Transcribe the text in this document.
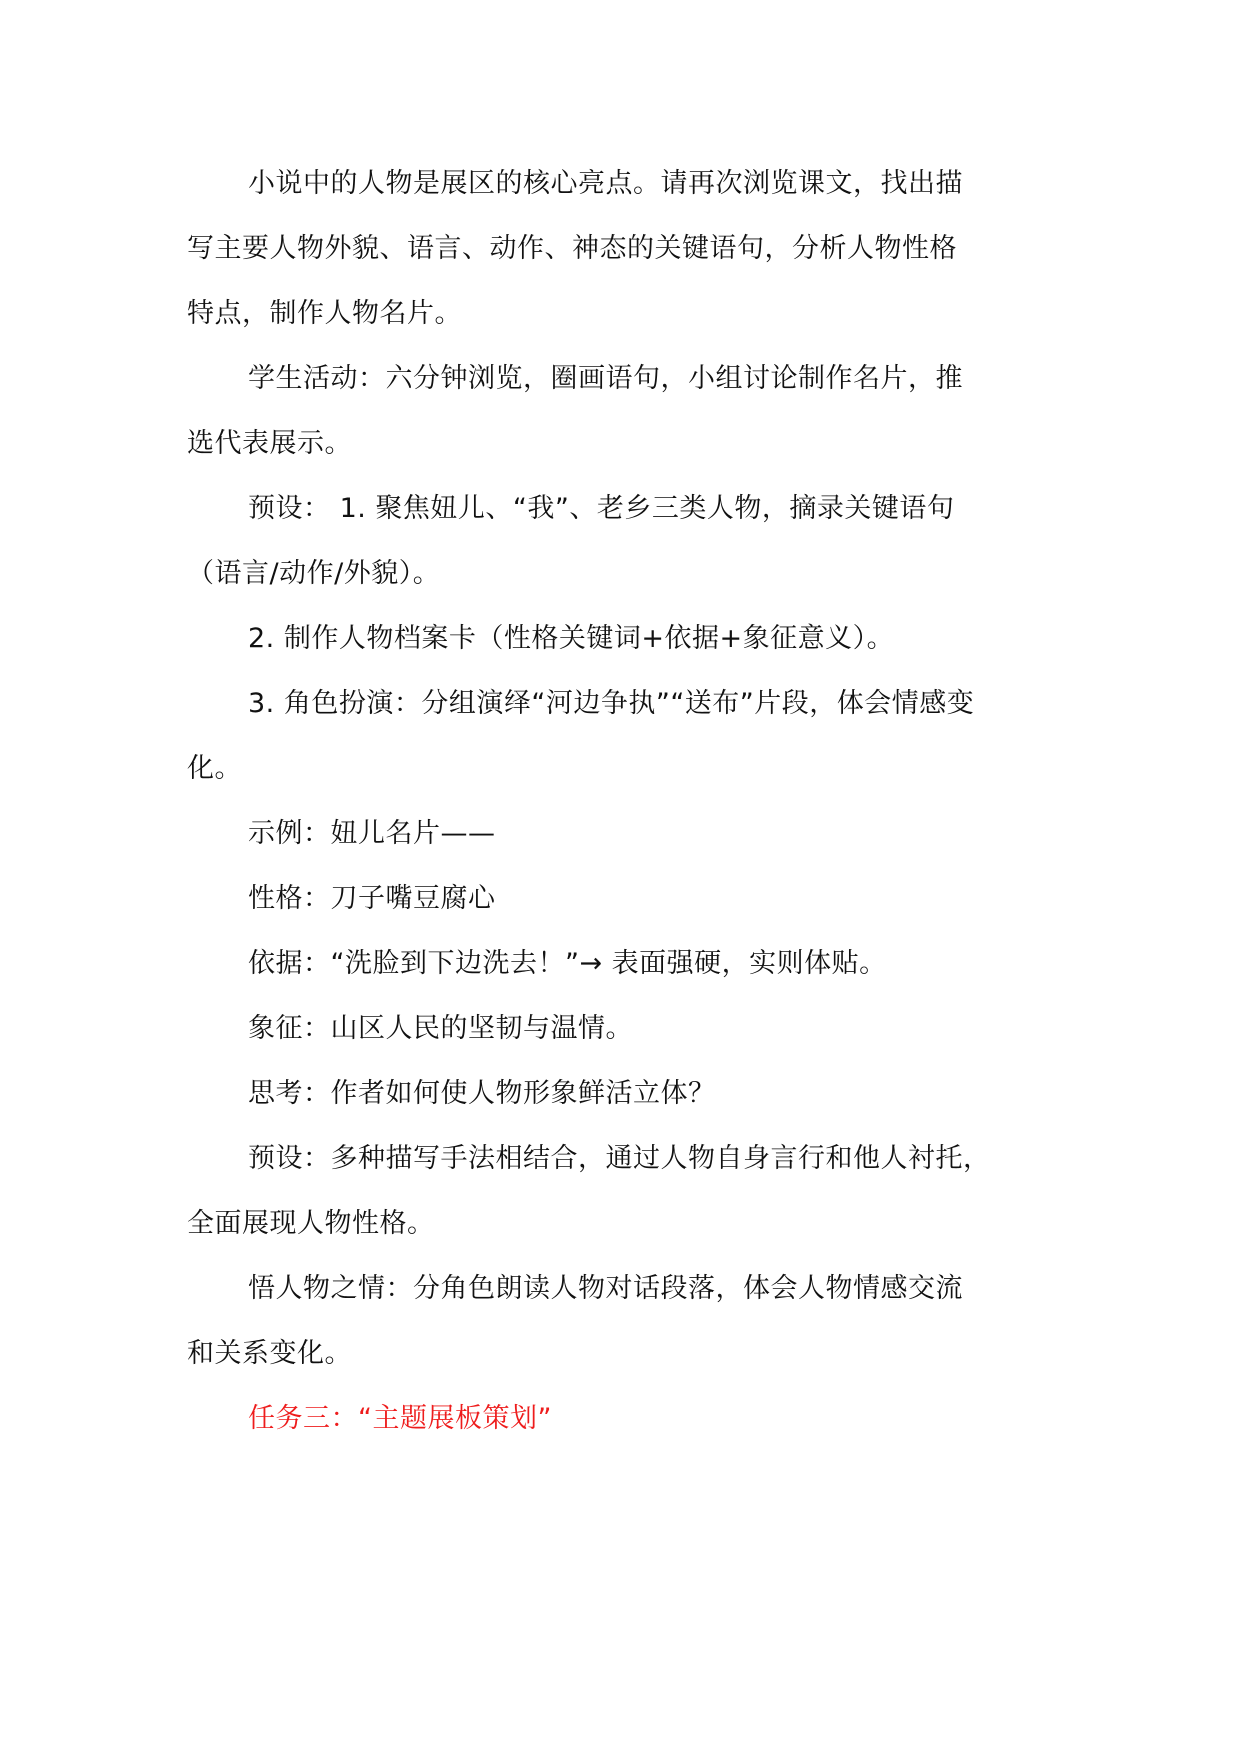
小说中的人物是展区的核心亮点。请再次浏览课文，找出描
写主要人物外貌、语言、动作、神态的关键语句，分析人物性格
特点，制作人物名片。
学生活动：六分钟浏览，圈画语句，小组讨论制作名片，推
选代表展示。
预设： 1. 聚焦妞儿、“我”、老乡三类人物，摘录关键语句
（语言/动作/外貌）。
2. 制作人物档案卡（性格关键词+依据+象征意义）。
3. 角色扮演：分组演绎“河边争执”“送布”片段，体会情感变
化。
示例：妞儿名片——
性格：刀子嘴豆腐心
依据：“洗脸到下边洗去！”→ 表面强硬，实则体贴。
象征：山区人民的坚韧与温情。
思考：作者如何使人物形象鲜活立体？
预设：多种描写手法相结合，通过人物自身言行和他人衬托，
全面展现人物性格。
悟人物之情：分角色朗读人物对话段落，体会人物情感交流
和关系变化。
任务三：“主题展板策划”
